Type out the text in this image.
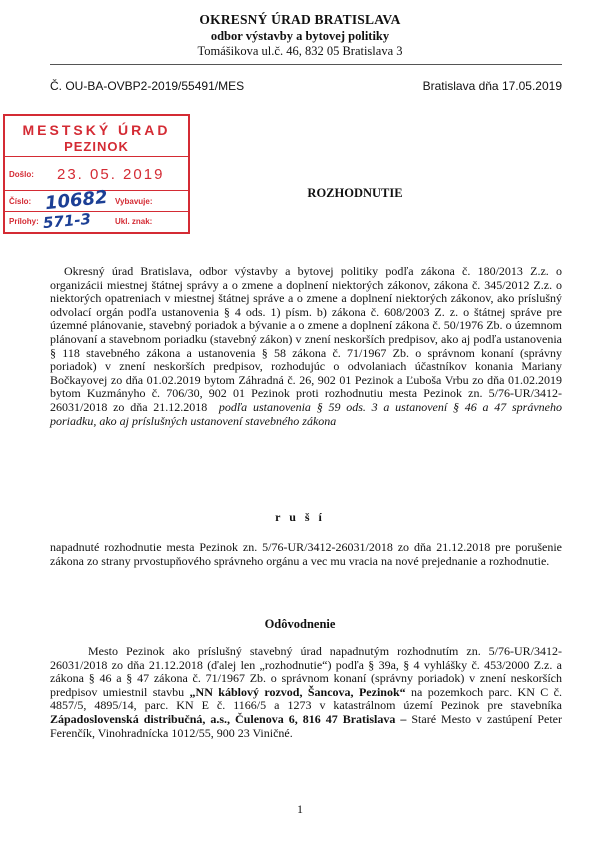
OKRESNÝ ÚRAD BRATISLAVA
odbor výstavby a bytovej politiky
Tomášikova ul.č. 46, 832 05 Bratislava 3
Č. OU-BA-OVBP2-2019/55491/MES	Bratislava dňa 17.05.2019
MESTSKÝ ÚRAD
PEZINOK
Došlo: 23. 05. 2019
Číslo: 10682 Vybavuje:
Prílohy: 571-3	Ukl. znak:
ROZHODNUTIE
Okresný úrad Bratislava, odbor výstavby a bytovej politiky podľa zákona č. 180/2013 Z.z. o organizácii miestnej štátnej správy a o zmene a doplnení niektorých zákonov, zákona č. 345/2012 Z.z. o niektorých opatreniach v miestnej štátnej správe a o zmene a doplnení niektorých zákonov, ako príslušný odvolací orgán podľa ustanovenia § 4 ods. 1) písm. b) zákona č. 608/2003 Z. z. o štátnej správe pre územné plánovanie, stavebný poriadok a bývanie a o zmene a doplnení zákona č. 50/1976 Zb. o územnom plánovaní a stavebnom poriadku (stavebný zákon) v znení neskorších predpisov, ako aj podľa ustanovenia § 118 stavebného zákona a ustanovenia § 58 zákona č. 71/1967 Zb. o správnom konaní (správny poriadok) v znení neskorších predpisov, rozhodujúc o odvolaniach účastníkov konania Mariany Bočkayovej zo dňa 01.02.2019 bytom Záhradná č. 26, 902 01 Pezinok a Ľuboša Vrbu zo dňa 01.02.2019 bytom Kuzmányho č. 706/30, 902 01 Pezinok proti rozhodnutiu mesta Pezinok zn. 5/76-UR/3412-26031/2018 zo dňa 21.12.2018 podľa ustanovenia § 59 ods. 3 a ustanovení § 46 a 47 správneho poriadku, ako aj príslušných ustanovení stavebného zákona
r u š í
napadnuté rozhodnutie mesta Pezinok zn. 5/76-UR/3412-26031/2018 zo dňa 21.12.2018 pre porušenie zákona zo strany prvostupňového správneho orgánu a vec mu vracia na nové prejednanie a rozhodnutie.
Odôvodnenie
Mesto Pezinok ako príslušný stavebný úrad napadnutým rozhodnutím zn. 5/76-UR/3412-26031/2018 zo dňa 21.12.2018 (ďalej len „rozhodnutie“) podľa § 39a, § 4 vyhlášky č. 453/2000 Z.z. a zákona § 46 a § 47 zákona č. 71/1967 Zb. o správnom konaní (správny poriadok) v znení neskorších predpisov umiestnil stavbu „NN káblový rozvod, Šancova, Pezinok“ na pozemkoch parc. KN C č. 4857/5, 4895/14, parc. KN E č. 1166/5 a 1273 v katastrálnom území Pezinok pre stavebníka Západoslovenská distribučná, a.s., Čulenova 6, 816 47 Bratislava – Staré Mesto v zastúpení Peter Ferenčík, Vinohradnícka 1012/55, 900 23 Viničné.
1
